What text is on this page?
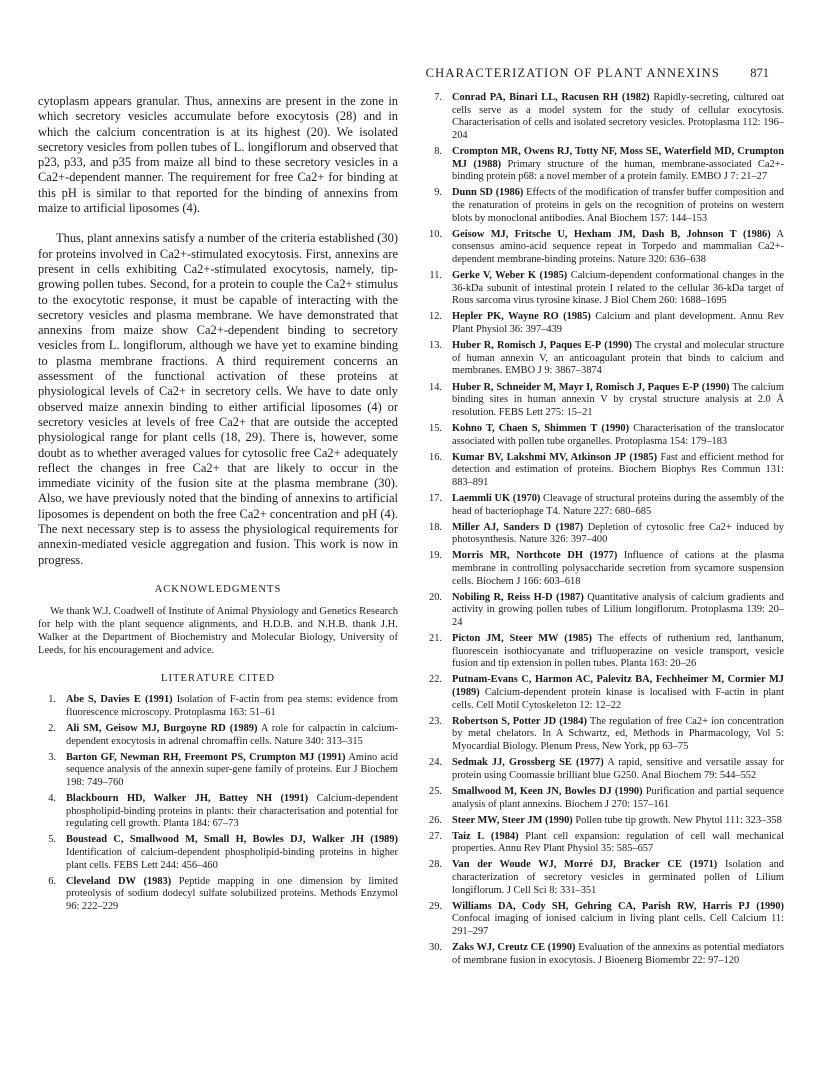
CHARACTERIZATION OF PLANT ANNEXINS 871

cytoplasm appears granular. Thus, annexins are present in the zone in which secretory vesicles accumulate before exocytosis (28) and in which the calcium concentration is at its highest (20). We isolated secretory vesicles from pollen tubes of L. longiflorum and observed that p23, p33, and p35 from maize all bind to these secretory vesicles in a Ca2+-dependent manner. The requirement for free Ca2+ for binding at this pH is similar to that reported for the binding of annexins from maize to artificial liposomes (4).

Thus, plant annexins satisfy a number of the criteria established (30) for proteins involved in Ca2+-stimulated exocytosis. First, annexins are present in cells exhibiting Ca2+-stimulated exocytosis, namely, tip-growing pollen tubes. Second, for a protein to couple the Ca2+ stimulus to the exocytotic response, it must be capable of interacting with the secretory vesicles and plasma membrane. We have demonstrated that annexins from maize show Ca2+-dependent binding to secretory vesicles from L. longiflorum, although we have yet to examine binding to plasma membrane fractions. A third requirement concerns an assessment of the functional activation of these proteins at physiological levels of Ca2+ in secretory cells. We have to date only observed maize annexin binding to either artificial liposomes (4) or secretory vesicles at levels of free Ca2+ that are outside the accepted physiological range for plant cells (18, 29). There is, however, some doubt as to whether averaged values for cytosolic free Ca2+ adequately reflect the changes in free Ca2+ that are likely to occur in the immediate vicinity of the fusion site at the plasma membrane (30). Also, we have previously noted that the binding of annexins to artificial liposomes is dependent on both the free Ca2+ concentration and pH (4). The next necessary step is to assess the physiological requirements for annexin-mediated vesicle aggregation and fusion. This work is now in progress.

ACKNOWLEDGMENTS

We thank W.J. Coadwell of Institute of Animal Physiology and Genetics Research for help with the plant sequence alignments, and H.D.B. and N.H.B. thank J.H. Walker at the Department of Biochemistry and Molecular Biology, University of Leeds, for his encouragement and advice.

LITERATURE CITED
1. Abe S, Davies E (1991) Isolation of F-actin from pea stems: evidence from fluorescence microscopy. Protoplasma 163: 51–61
2. Ali SM, Geisow MJ, Burgoyne RD (1989) A role for calpactin in calcium-dependent exocytosis in adrenal chromaffin cells. Nature 340: 313–315
3. Barton GF, Newman RH, Freemont PS, Crumpton MJ (1991) Amino acid sequence analysis of the annexin super-gene family of proteins. Eur J Biochem 198: 749–760
4. Blackbourn HD, Walker JH, Battey NH (1991) Calcium-dependent phospholipid-binding proteins in plants: their characterisation and potential for regulating cell growth. Planta 184: 67–73
5. Boustead C, Smallwood M, Small H, Bowles DJ, Walker JH (1989) Identification of calcium-dependent phospholipid-binding proteins in higher plant cells. FEBS Lett 244: 456–460
6. Cleveland DW (1983) Peptide mapping in one dimension by limited proteolysis of sodium dodecyl sulfate solubilized proteins. Methods Enzymol 96: 222–229
7. Conrad PA, Binari LL, Racusen RH (1982) Rapidly-secreting, cultured oat cells serve as a model system for the study of cellular exocytosis. Characterisation of cells and isolated secretory vesicles. Protoplasma 112: 196–204
8. Crompton MR, Owens RJ, Totty NF, Moss SE, Waterfield MD, Crumpton MJ (1988) Primary structure of the human, membrane-associated Ca2+-binding protein p68: a novel member of a protein family. EMBO J 7: 21–27
9. Dunn SD (1986) Effects of the modification of transfer buffer composition and the renaturation of proteins in gels on the recognition of proteins on western blots by monoclonal antibodies. Anal Biochem 157: 144–153
10. Geisow MJ, Fritsche U, Hexham JM, Dash B, Johnson T (1986) A consensus amino-acid sequence repeat in Torpedo and mammalian Ca2+-dependent membrane-binding proteins. Nature 320: 636–638
11. Gerke V, Weber K (1985) Calcium-dependent conformational changes in the 36-kDa subunit of intestinal protein I related to the cellular 36-kDa target of Rous sarcoma virus tyrosine kinase. J Biol Chem 260: 1688–1695
12. Hepler PK, Wayne RO (1985) Calcium and plant development. Annu Rev Plant Physiol 36: 397–439
13. Huber R, Romisch J, Paques E-P (1990) The crystal and molecular structure of human annexin V, an anticoagulant protein that binds to calcium and membranes. EMBO J 9: 3867–3874
14. Huber R, Schneider M, Mayr I, Romisch J, Paques E-P (1990) The calcium binding sites in human annexin V by crystal structure analysis at 2.0 Å resolution. FEBS Lett 275: 15–21
15. Kohno T, Chaen S, Shimmen T (1990) Characterisation of the translocator associated with pollen tube organelles. Protoplasma 154: 179–183
16. Kumar BV, Lakshmi MV, Atkinson JP (1985) Fast and efficient method for detection and estimation of proteins. Biochem Biophys Res Commun 131: 883–891
17. Laemmli UK (1970) Cleavage of structural proteins during the assembly of the head of bacteriophage T4. Nature 227: 680–685
18. Miller AJ, Sanders D (1987) Depletion of cytosolic free Ca2+ induced by photosynthesis. Nature 326: 397–400
19. Morris MR, Northcote DH (1977) Influence of cations at the plasma membrane in controlling polysaccharide secretion from sycamore suspension cells. Biochem J 166: 603–618
20. Nobiling R, Reiss H-D (1987) Quantitative analysis of calcium gradients and activity in growing pollen tubes of Lilium longiflorum. Protoplasma 139: 20–24
21. Picton JM, Steer MW (1985) The effects of ruthenium red, lanthanum, fluorescein isothiocyanate and trifluoperazine on vesicle transport, vesicle fusion and tip extension in pollen tubes. Planta 163: 20–26
22. Putnam-Evans C, Harmon AC, Palevitz BA, Fechheimer M, Cormier MJ (1989) Calcium-dependent protein kinase is localised with F-actin in plant cells. Cell Motil Cytoskeleton 12: 12–22
23. Robertson S, Potter JD (1984) The regulation of free Ca2+ ion concentration by metal chelators. In A Schwartz, ed, Methods in Pharmacology, Vol 5: Myocardial Biology. Plenum Press, New York, pp 63–75
24. Sedmak JJ, Grossberg SE (1977) A rapid, sensitive and versatile assay for protein using Coomassie brilliant blue G250. Anal Biochem 79: 544–552
25. Smallwood M, Keen JN, Bowles DJ (1990) Purification and partial sequence analysis of plant annexins. Biochem J 270: 157–161
26. Steer MW, Steer JM (1990) Pollen tube tip growth. New Phytol 111: 323–358
27. Taiz L (1984) Plant cell expansion: regulation of cell wall mechanical properties. Annu Rev Plant Physiol 35: 585–657
28. Van der Woude WJ, Morré DJ, Bracker CE (1971) Isolation and characterization of secretory vesicles in germinated pollen of Lilium longiflorum. J Cell Sci 8: 331–351
29. Williams DA, Cody SH, Gehring CA, Parish RW, Harris PJ (1990) Confocal imaging of ionised calcium in living plant cells. Cell Calcium 11: 291–297
30. Zaks WJ, Creutz CE (1990) Evaluation of the annexins as potential mediators of membrane fusion in exocytosis. J Bioenerg Biomembr 22: 97–120
